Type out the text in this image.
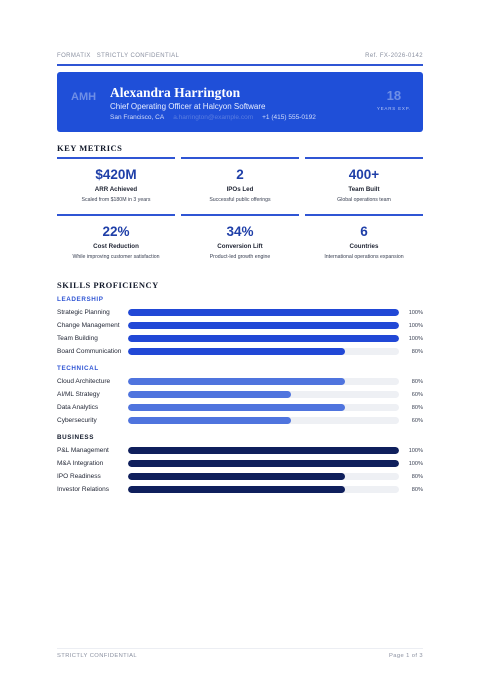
FORMATIX STRICTLY CONFIDENTIAL	Ref. FX-2026-0142
AMH Alexandra Harrington
Chief Operating Officer at Halcyon Software
San Francisco, CA a.harrington@example.com +1 (415) 555-0192
18
YEARS EXP.
KEY METRICS
$420M
ARR Achieved
Scaled from $180M in 3 years
2
IPOs Led
Successful public offerings
400+
Team Built
Global operations team
22%
Cost Reduction
While improving customer satisfaction
34%
Conversion Lift
Product-led growth engine
6
Countries
International operations expansion
SKILLS PROFICIENCY
LEADERSHIP
Strategic Planning	100%
Change Management	100%
Team Building	100%
Board Communication	80%
TECHNICAL
Cloud Architecture	80%
AI/ML Strategy	60%
Data Analytics	80%
Cybersecurity	60%
BUSINESS
P&L Management	100%
M&A Integration	100%
IPO Readiness	80%
Investor Relations	80%
STRICTLY CONFIDENTIAL	Page 1 of 3
